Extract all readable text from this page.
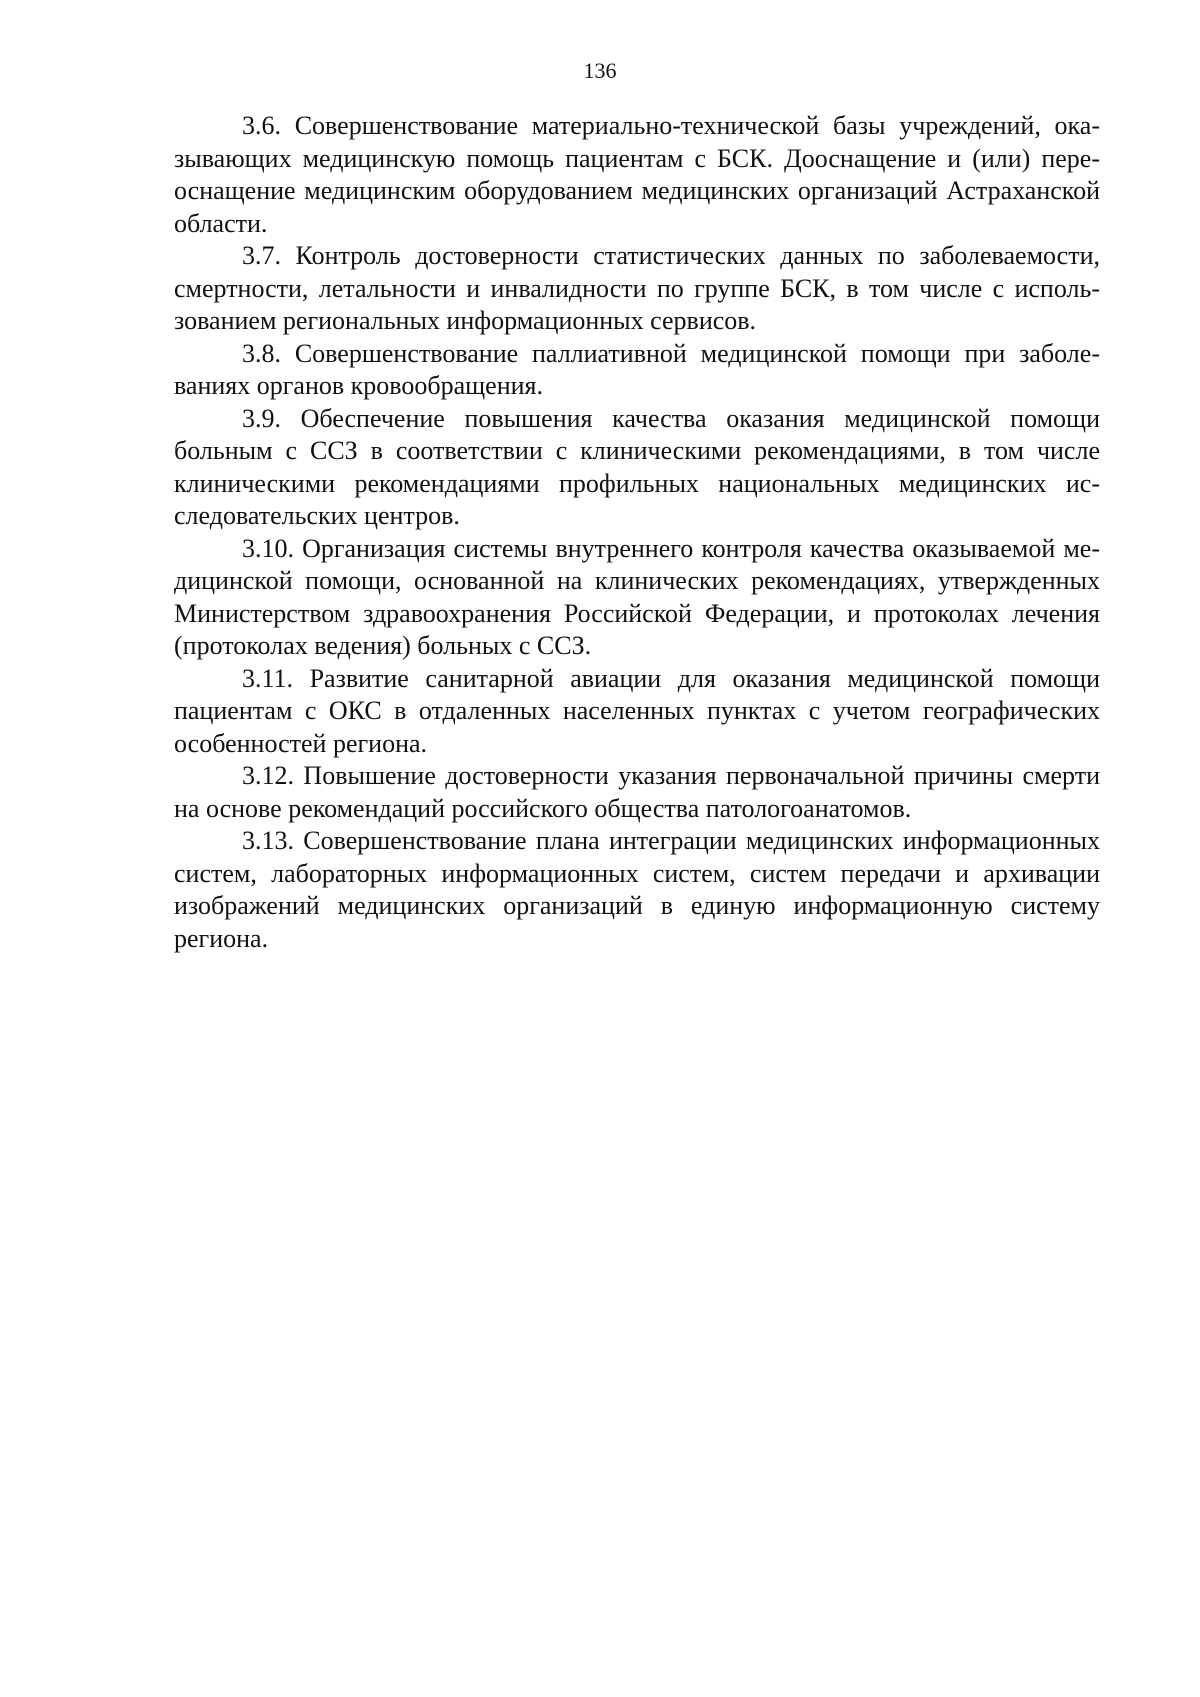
136

3.6. Совершенствование материально-технической базы учреждений, оказывающих медицинскую помощь пациентам с БСК. Дооснащение и (или) переоснащение медицинским оборудованием медицинских организаций Астраханской области.

3.7. Контроль достоверности статистических данных по заболеваемости, смертности, летальности и инвалидности по группе БСК, в том числе с использованием региональных информационных сервисов.

3.8. Совершенствование паллиативной медицинской помощи при заболеваниях органов кровообращения.

3.9. Обеспечение повышения качества оказания медицинской помощи больным с ССЗ в соответствии с клиническими рекомендациями, в том числе клиническими рекомендациями профильных национальных медицинских исследовательских центров.

3.10. Организация системы внутреннего контроля качества оказываемой медицинской помощи, основанной на клинических рекомендациях, утвержденных Министерством здравоохранения Российской Федерации, и протоколах лечения (протоколах ведения) больных с ССЗ.

3.11. Развитие санитарной авиации для оказания медицинской помощи пациентам с ОКС в отдаленных населенных пунктах с учетом географических особенностей региона.

3.12. Повышение достоверности указания первоначальной причины смерти на основе рекомендаций российского общества патологоанатомов.

3.13. Совершенствование плана интеграции медицинских информационных систем, лабораторных информационных систем, систем передачи и архивации изображений медицинских организаций в единую информационную систему региона.
